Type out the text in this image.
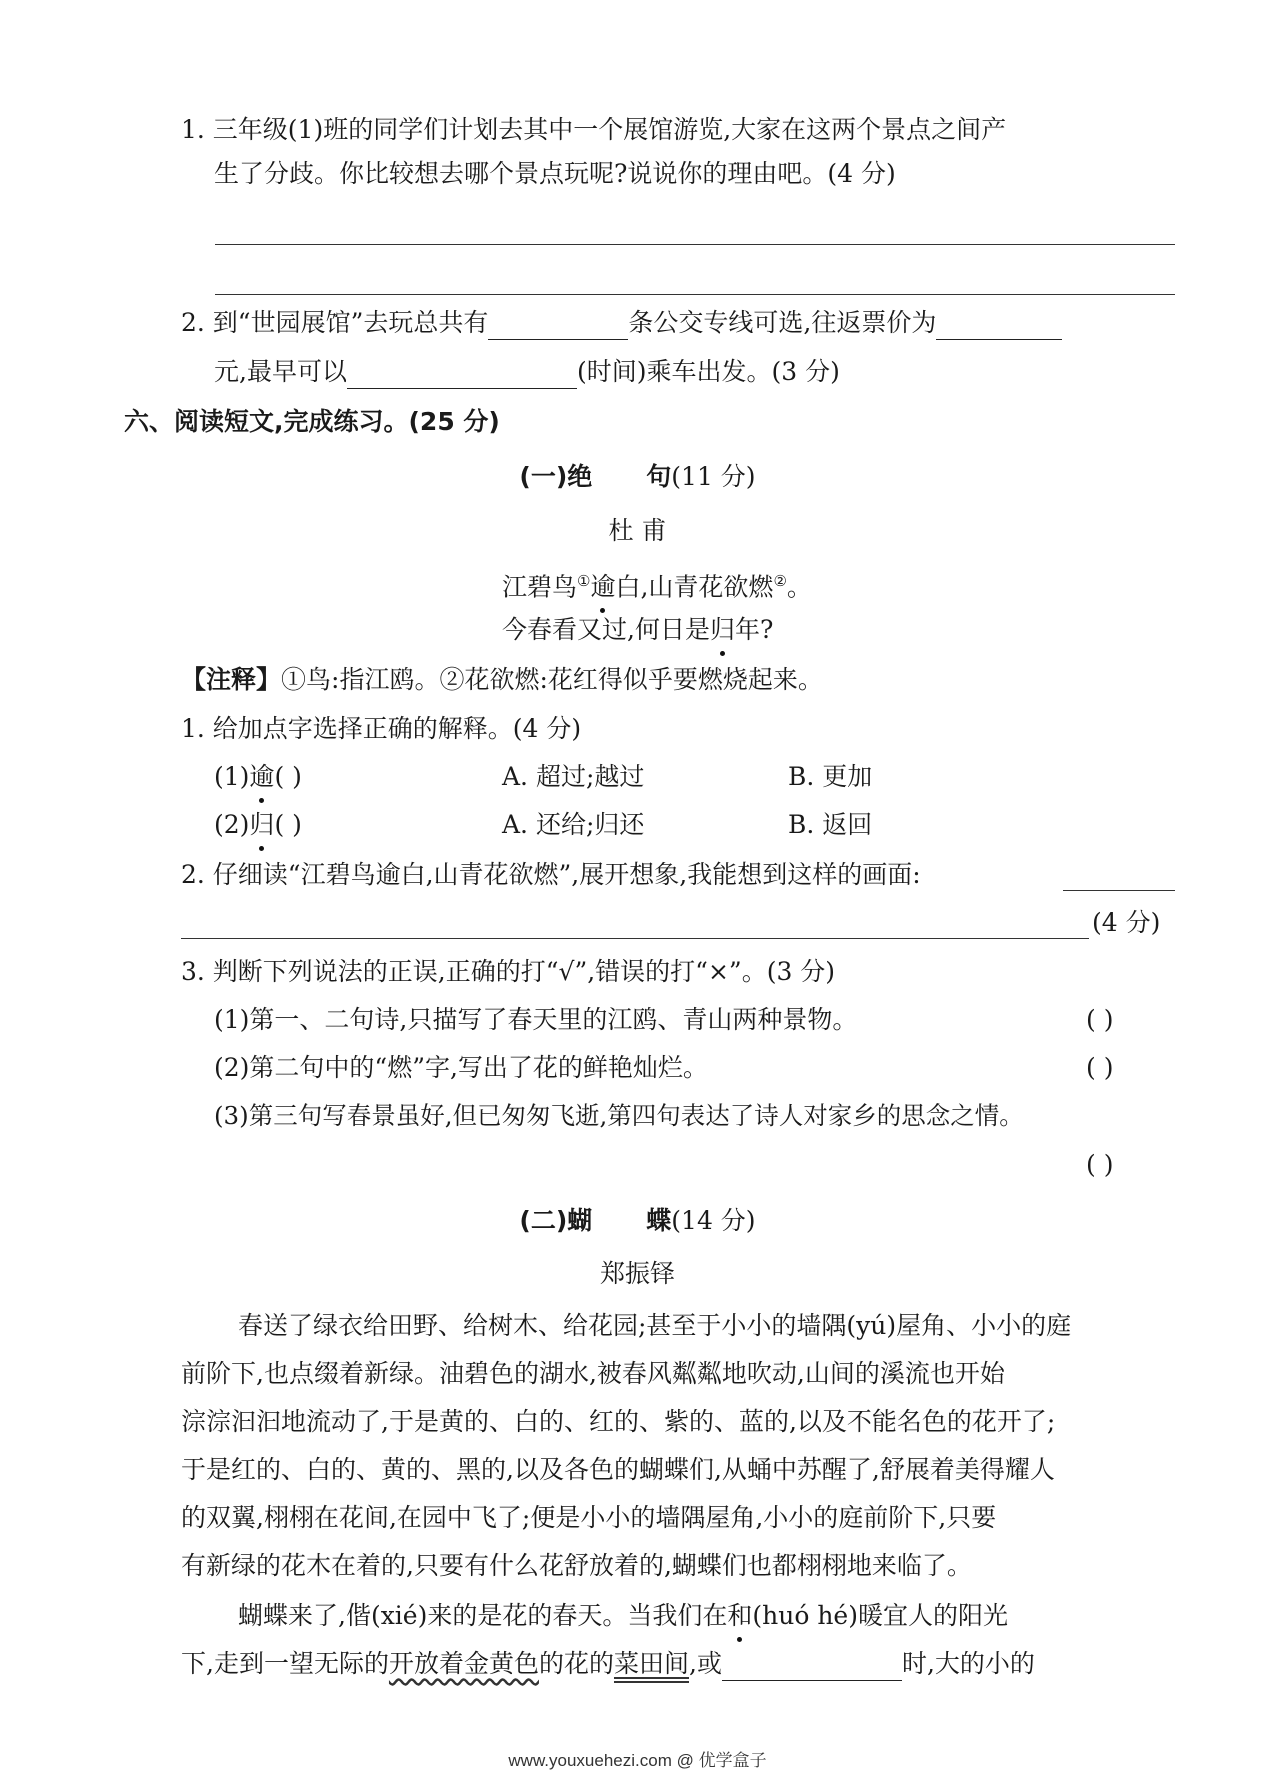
1. 三年级(1)班的同学们计划去其中一个展馆游览,大家在这两个景点之间产
生了分歧。你比较想去哪个景点玩呢?说说你的理由吧。(4 分)
2. 到“世园展馆”去玩总共有	条公交专线可选,往返票价为
元,最早可以	(时间)乘车出发。(3 分)
六、阅读短文,完成练习。(25 分)
(一)绝 句(11 分)
杜 甫
江碧鸟①逾白,山青花欲燃②。
今春看又过,何日是归年?
【注释】①鸟:指江鸥。②花欲燃:花红得似乎要燃烧起来。
1. 给加点字选择正确的解释。(4 分)
(1)逾( )	A. 超过;越过	B. 更加
(2)归( )	A. 还给;归还	B. 返回
2. 仔细读“江碧鸟逾白,山青花欲燃”,展开想象,我能想到这样的画面:
(4 分)
3. 判断下列说法的正误,正确的打“√”,错误的打“×”。(3 分)
(1)第一、二句诗,只描写了春天里的江鸥、青山两种景物。	( )
(2)第二句中的“燃”字,写出了花的鲜艳灿烂。	( )
(3)第三句写春景虽好,但已匆匆飞逝,第四句表达了诗人对家乡的思念之情。
( )
(二)蝴 蝶(14 分)
郑振铎
春送了绿衣给田野、给树木、给花园;甚至于小小的墙隅(yú)屋角、小小的庭
前阶下,也点缀着新绿。油碧色的湖水,被春风粼粼地吹动,山间的溪流也开始
淙淙汩汩地流动了,于是黄的、白的、红的、紫的、蓝的,以及不能名色的花开了;
于是红的、白的、黄的、黑的,以及各色的蝴蝶们,从蛹中苏醒了,舒展着美得耀人
的双翼,栩栩在花间,在园中飞了;便是小小的墙隅屋角,小小的庭前阶下,只要
有新绿的花木在着的,只要有什么花舒放着的,蝴蝶们也都栩栩地来临了。
蝴蝶来了,偕(xié)来的是花的春天。当我们在和(huó hé)暖宜人的阳光
下,走到一望无际的开放着金黄色的花的菜田间,或	时,大的小的
www.youxuehezi.com @ 优学盒子
